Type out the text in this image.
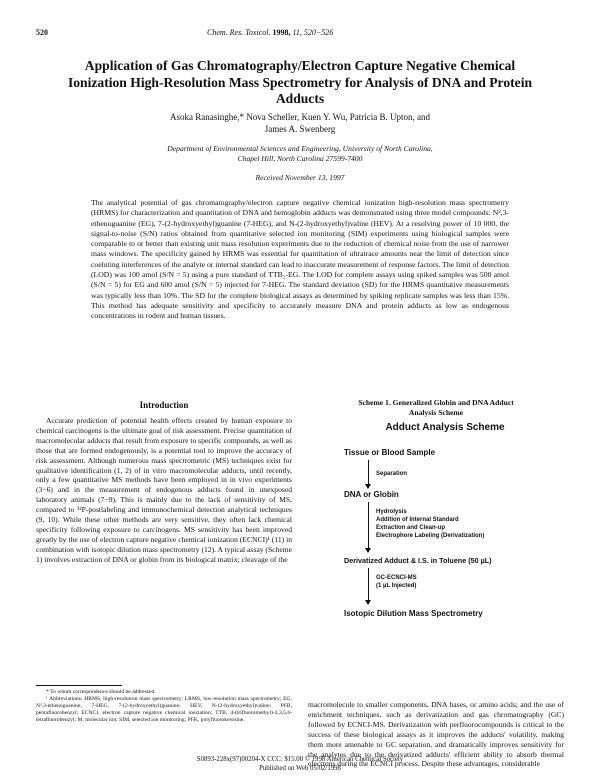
520	Chem. Res. Toxicol. 1998, 11, 520−526
Application of Gas Chromatography/Electron Capture Negative Chemical Ionization High-Resolution Mass Spectrometry for Analysis of DNA and Protein Adducts
Asoka Ranasinghe,* Nova Scheller, Kuen Y. Wu, Patricia B. Upton, and
James A. Swenberg
Department of Environmental Sciences and Engineering, University of North Carolina,
Chapel Hill, North Carolina 27599-7400
Received November 13, 1997
The analytical potential of gas chromatography/electron capture negative chemical ionization high-resolution mass spectrometry (HRMS) for characterization and quantitation of DNA and hemoglobin adducts was demonstrated using three model compounds: N²,3-ethenoguanine (EG), 7-(2-hydroxyethyl)guanine (7-HEG), and N-(2-hydroxyethyl)valine (HEV). At a resolving power of 10 000, the signal-to-noise (S/N) ratios obtained from quantitative selected ion monitoring (SIM) experiments using biological samples were comparable to or better than existing unit mass resolution experiments due to the reduction of chemical noise from the use of narrower mass windows. The specificity gained by HRMS was essential for quantitation of ultratrace amounts near the limit of detection since coeluting interferences of the analyte or internal standard can lead to inaccurate measurement of response factors. The limit of detection (LOD) was 100 amol (S/N = 5) using a pure standard of TTB₂-EG. The LOD for complete assays using spiked samples was 500 amol (S/N = 5) for EG and 600 amol (S/N = 5) injected for 7-HEG. The standard deviation (SD) for the HRMS quantitative measurements was typically less than 10%. The SD for the complete biological assays as determined by spiking replicate samples was less than 15%. This method has adequate sensitivity and specificity to accurately measure DNA and protein adducts as low as endogenous concentrations in rodent and human tissues.
Introduction

Accurate prediction of potential health effects created by human exposure to chemical carcinogens is the ultimate goal of risk assessment. Precise quantitation of macromolecular adducts that result from exposure to specific compounds, as well as those that are formed endogenously, is a potential tool to improve the accuracy of risk assessment. Although numerous mass spectrometric (MS) techniques exist for qualitative identification (1, 2) of in vitro macromolecular adducts, until recently, only a few quantitative MS methods have been employed in in vivo experiments (3−6) and in the measurement of endogenous adducts found in unexposed laboratory animals (7−9). This is mainly due to the lack of sensitivity of MS, compared to ³²P-postlabeling and immunochemical detection analytical techniques (9, 10). While these other methods are very sensitive, they often lack chemical specificity following exposure to carcinogens. MS sensitivity has been improved greatly by the use of electron capture negative chemical ionization (ECNCI)¹ (11) in combination with isotopic dilution mass spectrometry (12). A typical assay (Scheme 1) involves extraction of DNA or globin from its biological matrix; cleavage of the

Scheme 1. Generalized Globin and DNA Adduct
Analysis Scheme
Adduct Analysis Scheme
Tissue or Blood Sample
Separation
DNA or Globin
Hydrolysis
Addition of Internal Standard
Extraction and Clean-up
Electrophore Labeling (Derivatization)
Derivatized Adduct & I.S. in Toluene (50 µL)
GC-ECNCI-MS
(1 µL Injected)
Isotopic Dilution Mass Spectrometry
macromolecule to smaller components, DNA bases, or amino acids; and the use of enrichment techniques, such as derivatization and gas chromatography (GC) followed by ECNCI-MS. Derivatization with perfluorocompounds is critical to the success of these biological assays as it improves the adducts' volatility, making them more amenable to GC separation, and dramatically improves sensitivity for the analytes due to the derivatized adducts' efficient ability to absorb thermal electrons during the ECNCI process. Despite these advantages, considerable

* To whom correspondence should be addressed.

¹ Abbreviations: HRMS, high-resolution mass spectrometry; LRMS, low-resolution mass spectrometry; EG, N²,3-ethenoguanine; 7-HEG, 7-(2-hydroxyethyl)guanine; HEV, N-(2-hydroxyethyl)valine; PFB, pentafluorobenzyl; ECNCI, electron capture negative chemical ionization; TTB, 4-(trifluoromethyl)-2,3,5,6-tetrafluorobenzyl; M, molecular ion; SIM, selected ion monitoring; PFK, polyfluorokerosine.

S0893-228x(97)00204-X CCC: $15.00 © 1998 American Chemical Society
Published on Web 05/02/1998
